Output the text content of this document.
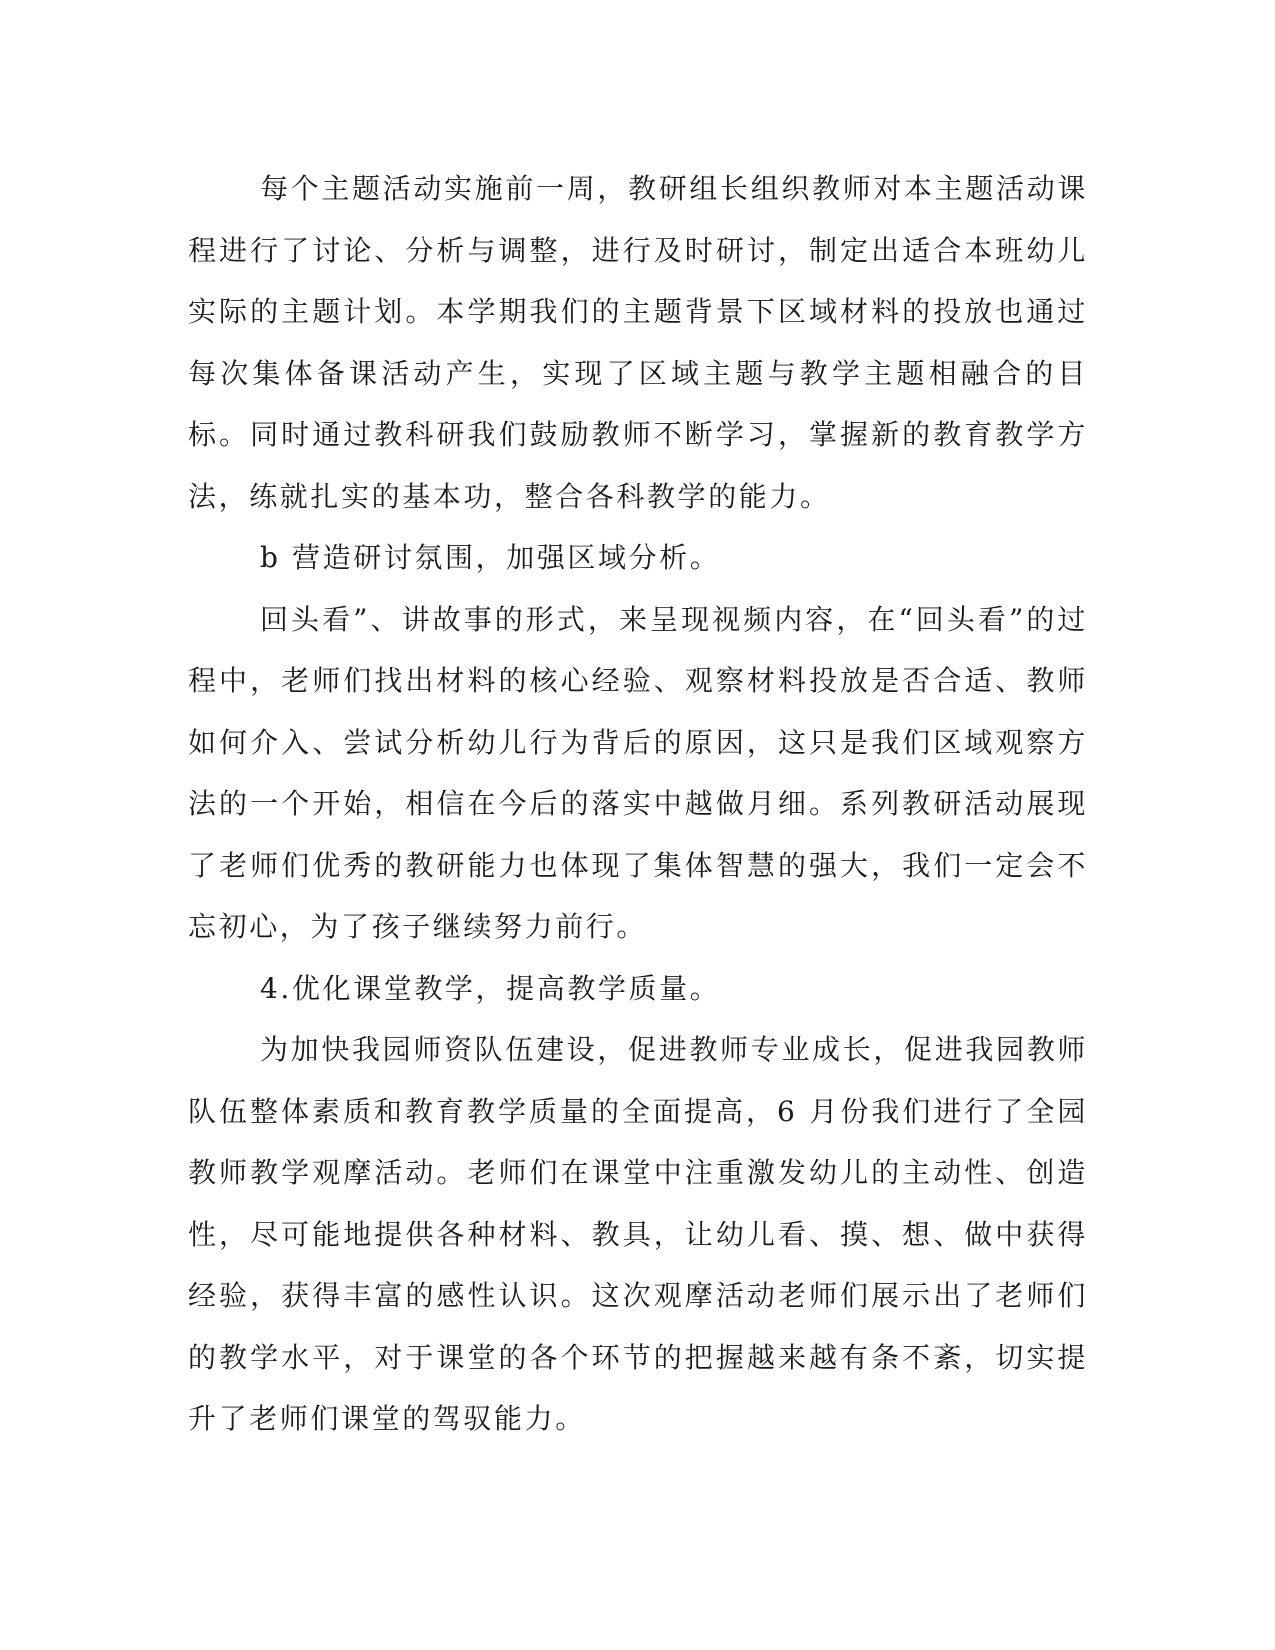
每个主题活动实施前一周，教研组长组织教师对本主题活动课程进行了讨论、分析与调整，进行及时研讨，制定出适合本班幼儿实际的主题计划。本学期我们的主题背景下区域材料的投放也通过每次集体备课活动产生，实现了区域主题与教学主题相融合的目标。同时通过教科研我们鼓励教师不断学习，掌握新的教育教学方法，练就扎实的基本功，整合各科教学的能力。

b 营造研讨氛围，加强区域分析。

回头看”、讲故事的形式，来呈现视频内容，在“回头看”的过程中，老师们找出材料的核心经验、观察材料投放是否合适、教师如何介入、尝试分析幼儿行为背后的原因，这只是我们区域观察方法的一个开始，相信在今后的落实中越做月细。系列教研活动展现了老师们优秀的教研能力也体现了集体智慧的强大，我们一定会不忘初心，为了孩子继续努力前行。

4.优化课堂教学，提高教学质量。

为加快我园师资队伍建设，促进教师专业成长，促进我园教师队伍整体素质和教育教学质量的全面提高，6 月份我们进行了全园教师教学观摩活动。老师们在课堂中注重激发幼儿的主动性、创造性，尽可能地提供各种材料、教具，让幼儿看、摸、想、做中获得经验，获得丰富的感性认识。这次观摩活动老师们展示出了老师们的教学水平，对于课堂的各个环节的把握越来越有条不紊，切实提升了老师们课堂的驾驭能力。
